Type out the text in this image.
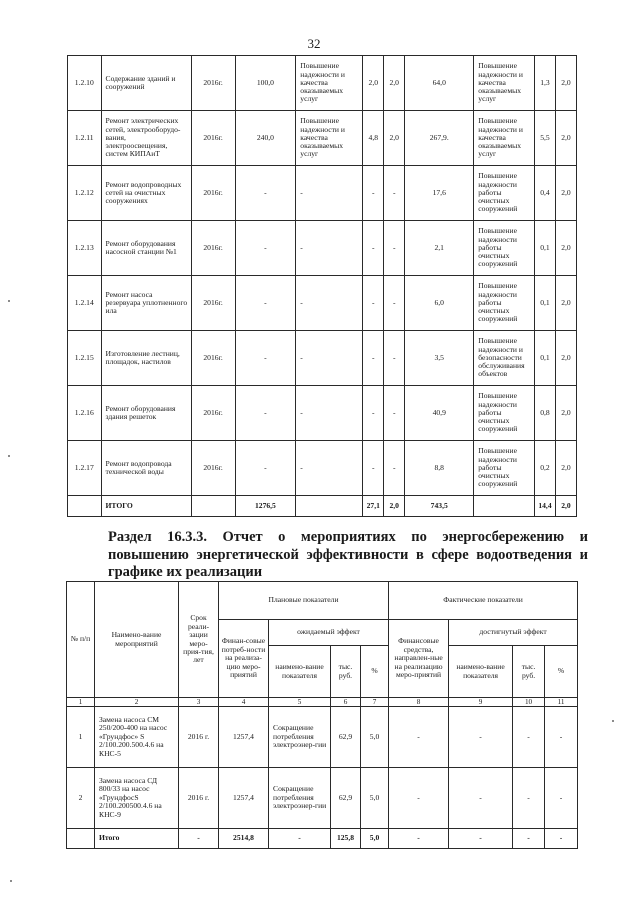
32
1.2.10	Содержание зданий и сооружений	2016г.	100,0	Повышение надежности и качества оказываемых услуг	2,0	2,0	64,0	Повышение надежности и качества оказываемых услуг	1,3	2,0
1.2.11	Ремонт электрических сетей, электрооборудо-вания, электроосвещения, систем КИПАиТ	2016г.	240,0	Повышение надежности и качества оказываемых услуг	4,8	2,0	267,9.	Повышение надежности и качества оказываемых услуг	5,5	2,0
1.2.12	Ремонт водопроводных сетей на очистных сооружениях	2016г.	-	-	-	-	17,6	Повышение надежности работы очистных сооружений	0,4	2,0
1.2.13	Ремонт оборудования насосной станции №1	2016г.	-	-	-	-	2,1	Повышение надежности работы очистных сооружений	0,1	2,0
1.2.14	Ремонт насоса резервуара уплотненного ила	2016г.	-	-	-	-	6,0	Повышение надежности работы очистных сооружений	0,1	2,0
1.2.15	Изготовление лестниц, площадок, настилов	2016г.	-	-	-	-	3,5	Повышение надежности и безопасности обслуживания объектов	0,1	2,0
1.2.16	Ремонт оборудования здания решеток	2016г.	-	-	-	-	40,9	Повышение надежности работы очистных сооружений	0,8	2,0
1.2.17	Ремонт водопровода технической воды	2016г.	-	-	-	-	8,8	Повышение надежности работы очистных сооружений	0,2	2,0
	ИТОГО		1276,5		27,1	2,0	743,5		14,4	2,0
Раздел 16.3.3. Отчет о мероприятиях по энергосбережению и
повышению энергетической эффективности в сфере водоотведения и
графике их реализации
№ п/п	Наимено-вание мероприятий	Срок реали-зации меро-прия-тия, лет	Плановые показатели				Фактические показатели			
			Финан-совые потреб-ности на реализа-цию меро-приятий	ожидаемый эффект			Финансовые средства, направлен-ные на реализацию меро-приятий	достигнутый эффект		
				наимено-вание показателя	тыс. руб.	%		наимено-вание показателя	тыс. руб.	%
1	2	3	4	5	6	7	8	9	10	11
1	Замена насоса СМ 250/200-400 на насос «Грундфос» S 2/100.200.500.4.6 на КНС-5	2016 г.	1257,4	Сокращение потребления электроэнер-гии	62,9	5,0	-	-	-	-
2	Замена насоса СД 800/33 на насос «ГрундфосS 2/100.200500.4.6 на КНС-9	2016 г.	1257,4	Сокращение потребления электроэнер-гии	62,9	5,0	-	-	-	-
	Итого	-	2514,8	-	125,8	5,0	-	-	-	-
